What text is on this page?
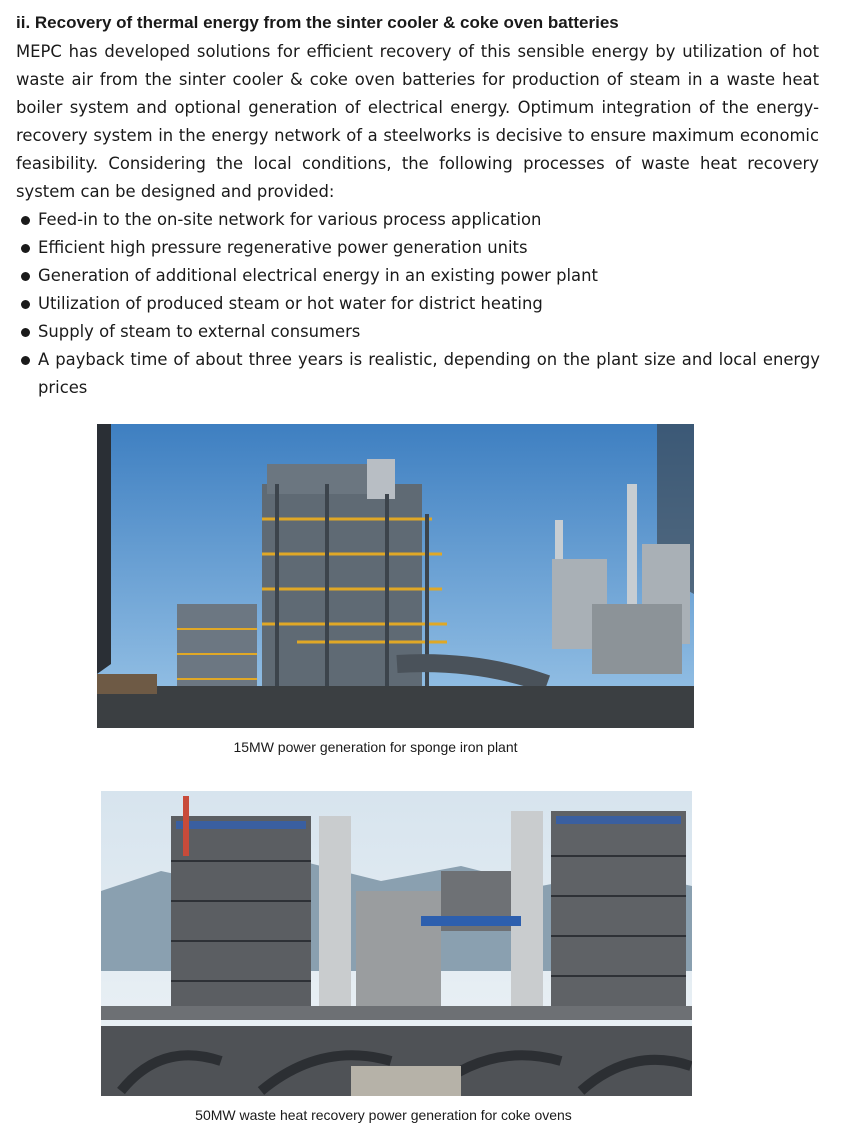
ii. Recovery of thermal energy from the sinter cooler & coke oven batteries
MEPC has developed solutions for efficient recovery of this sensible energy by utilization of hot waste air from the sinter cooler & coke oven batteries for production of steam in a waste heat boiler system and optional generation of electrical energy. Optimum integration of the energy-recovery system in the energy network of a steelworks is decisive to ensure maximum economic feasibility. Considering the local conditions, the following processes of waste heat recovery system can be designed and provided:
Feed-in to the on-site network for various process application
Efficient high pressure regenerative power generation units
Generation of additional electrical energy in an existing power plant
Utilization of produced steam or hot water for district heating
Supply of steam to external consumers
A payback time of about three years is realistic, depending on the plant size and local energy prices
15MW power generation for sponge iron plant
50MW waste heat recovery power generation for coke ovens
